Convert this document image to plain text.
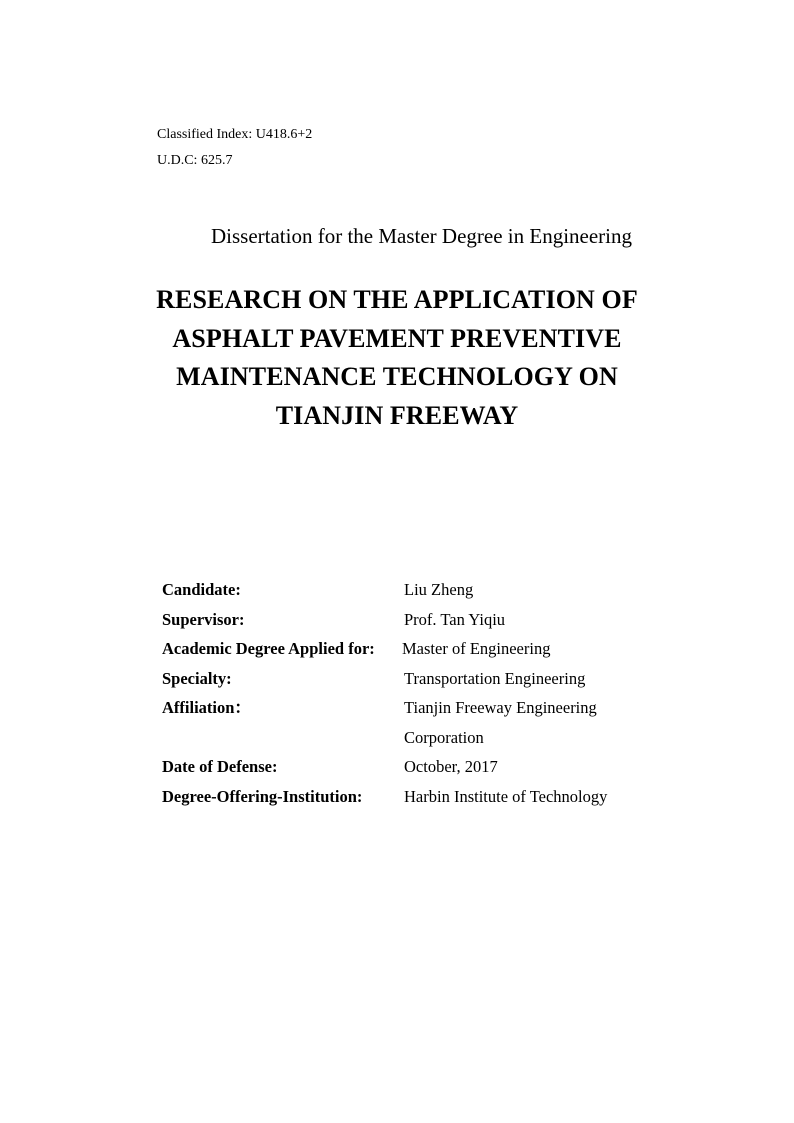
Classified Index: U418.6+2
U.D.C: 625.7
Dissertation for the Master Degree in Engineering
RESEARCH ON THE APPLICATION OF
ASPHALT PAVEMENT PREVENTIVE
MAINTENANCE TECHNOLOGY ON
TIANJIN FREEWAY
Candidate:	Liu Zheng
Supervisor:	Prof. Tan Yiqiu
Academic Degree Applied for: Master of Engineering
Specialty:	Transportation Engineering
Affiliation：	Tianjin Freeway Engineering Corporation
Date of Defense:	October, 2017
Degree-Offering-Institution:	Harbin Institute of Technology
